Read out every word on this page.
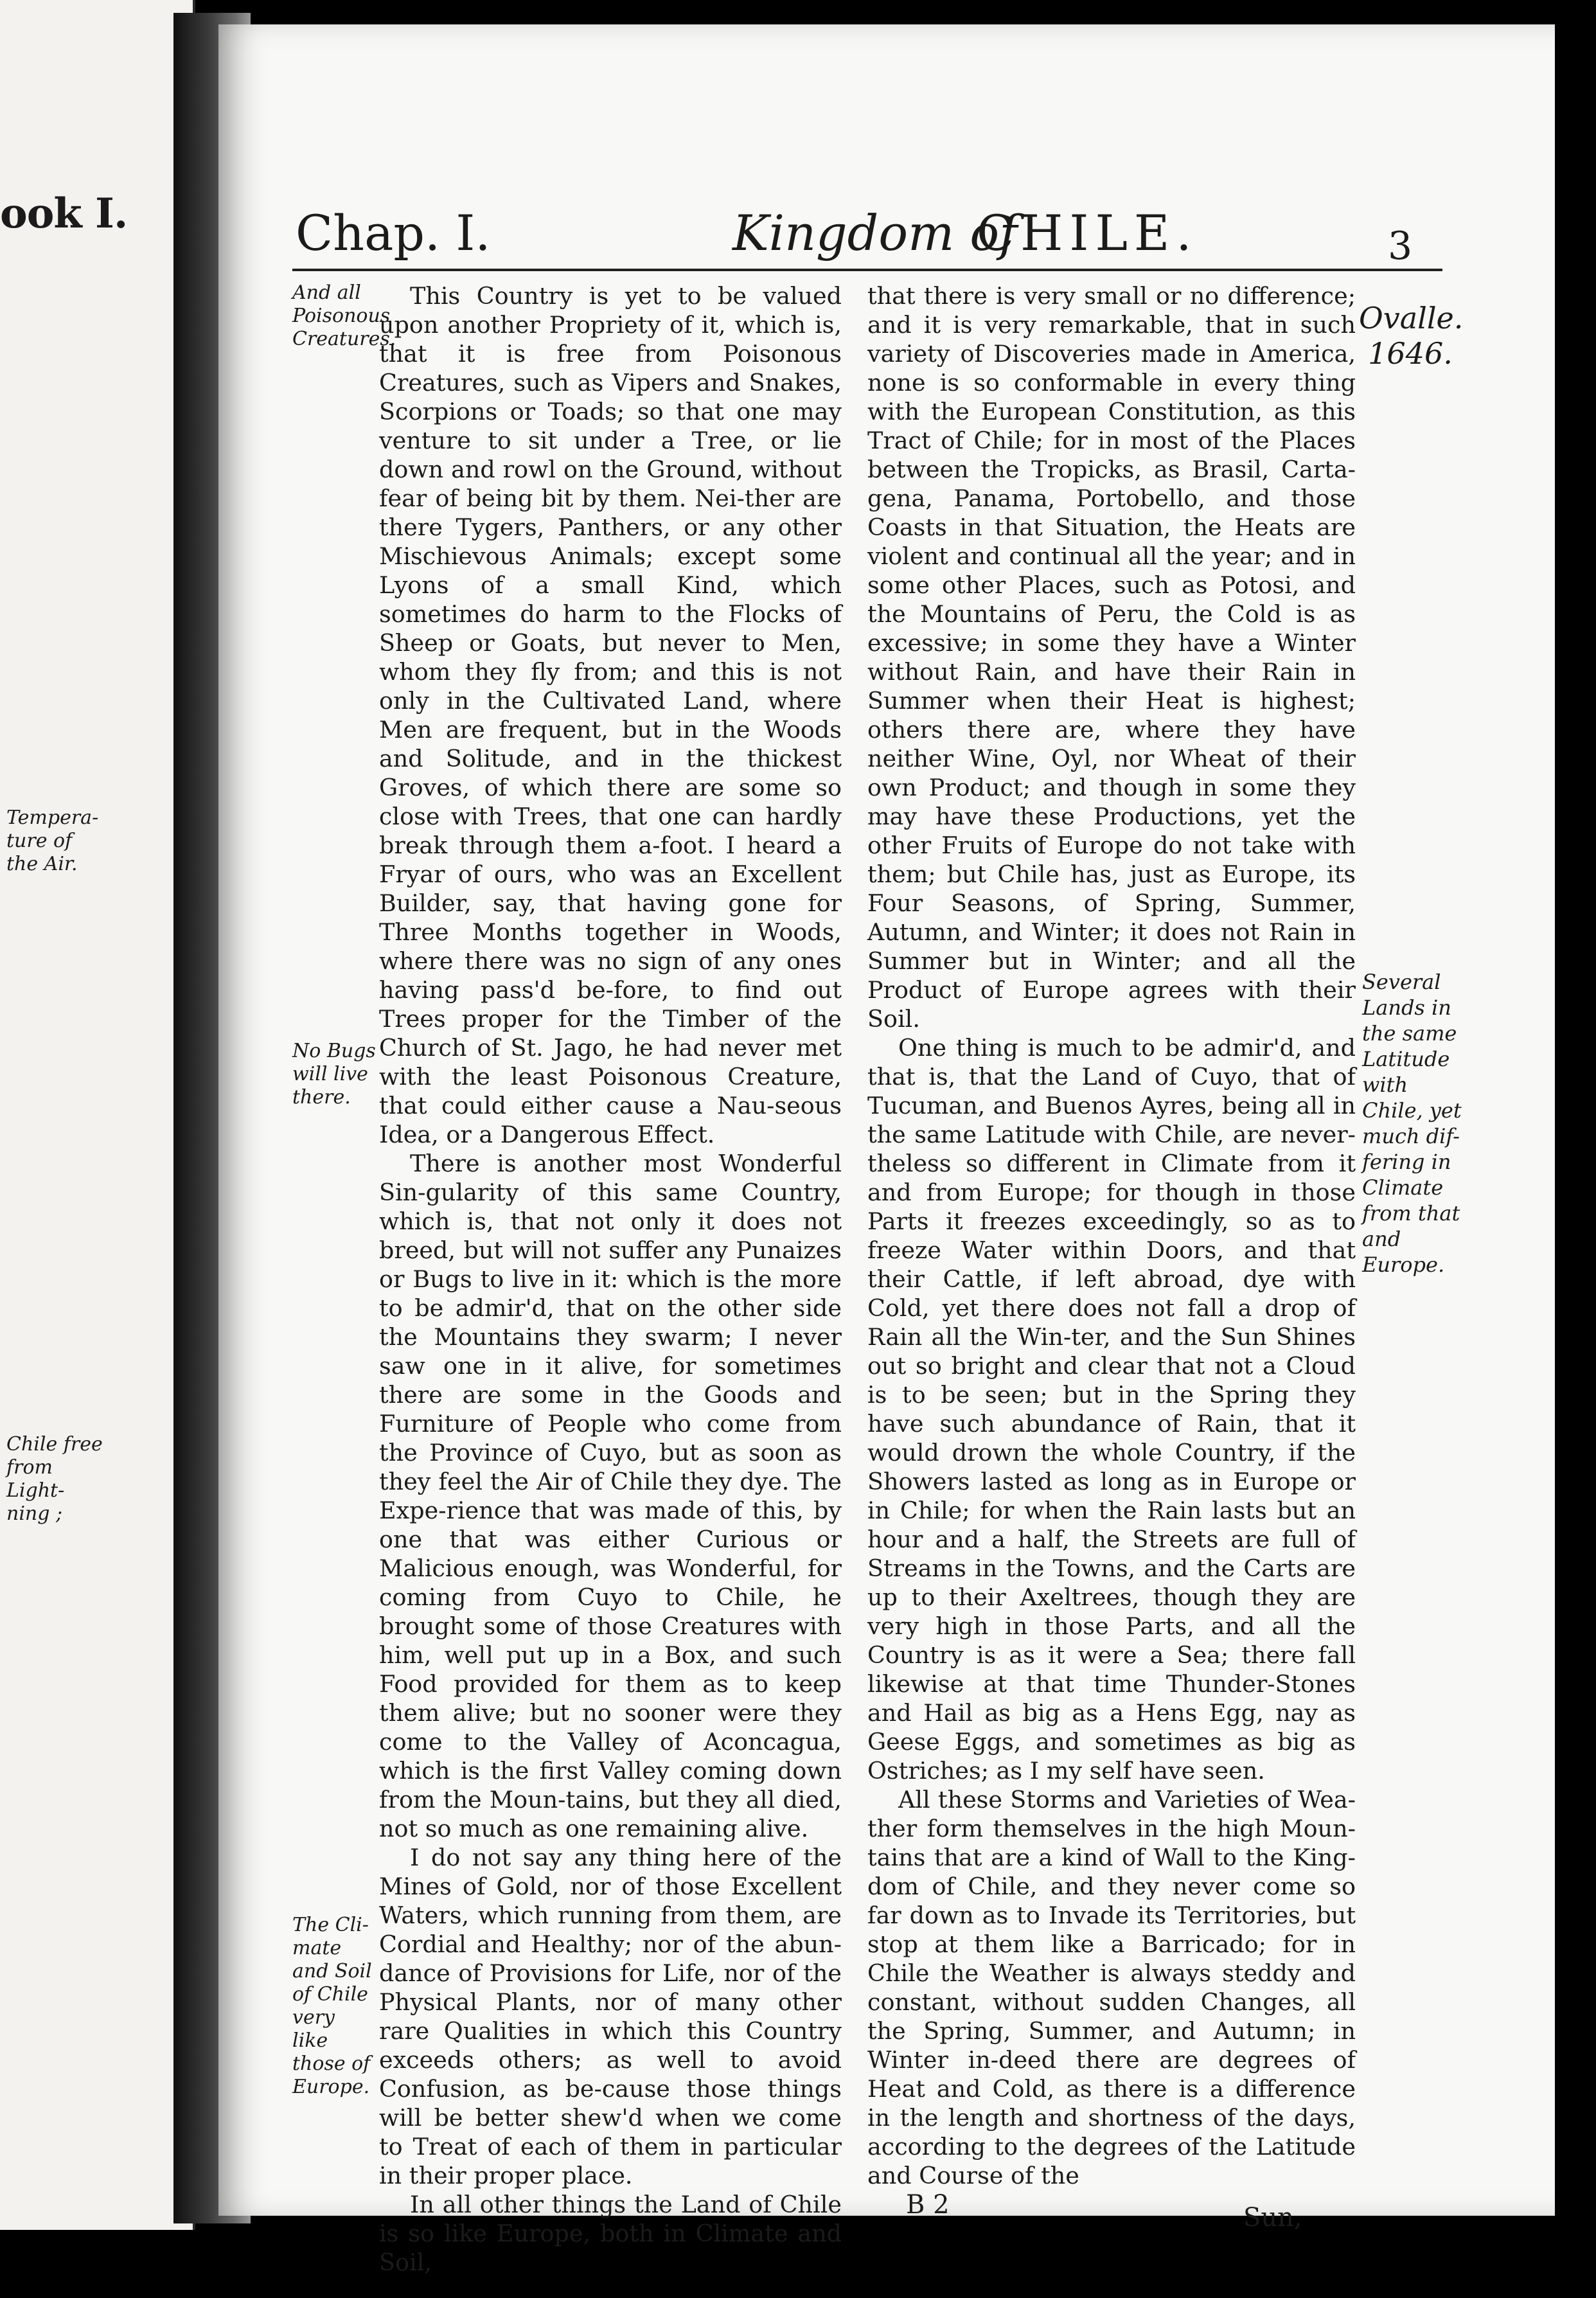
ook I.
Tempera-ture of the Air.
Chile free from Light-ning ;
Chap. I.	Kingdom of
CHILE.	3
And all Poisonous Creatures.
No Bugs will live there.
The Cli-mate and Soil of Chile very like those of Europe.
Ovalle.
1646.
Several Lands in the same Latitude with Chile, yet much dif-fering in Climate from that and Europe.

This Country is yet to be valued upon another Propriety of it, which is, that it is free from Poisonous Creatures, such as Vipers and Snakes, Scorpions or Toads; so that one may venture to sit under a Tree, or lie down and rowl on the Ground, without fear of being bit by them. Nei-ther are there Tygers, Panthers, or any other Mischievous Animals; except some Lyons of a small Kind, which sometimes do harm to the Flocks of Sheep or Goats, but never to Men, whom they fly from; and this is not only in the Cultivated Land, where Men are frequent, but in the Woods and Solitude, and in the thickest Groves, of which there are some so close with Trees, that one can hardly break through them a-foot. I heard a Fryar of ours, who was an Excellent Builder, say, that having gone for Three Months together in Woods, where there was no sign of any ones having pass'd be-fore, to find out Trees proper for the Timber of the Church of St. Jago, he had never met with the least Poisonous Creature, that could either cause a Nau-seous Idea, or a Dangerous Effect.

There is another most Wonderful Sin-gularity of this same Country, which is, that not only it does not breed, but will not suffer any Punaizes or Bugs to live in it: which is the more to be admir'd, that on the other side the Mountains they swarm; I never saw one in it alive, for sometimes there are some in the Goods and Furniture of People who come from the Province of Cuyo, but as soon as they feel the Air of Chile they dye. The Expe-rience that was made of this, by one that was either Curious or Malicious enough, was Wonderful, for coming from Cuyo to Chile, he brought some of those Creatures with him, well put up in a Box, and such Food provided for them as to keep them alive; but no sooner were they come to the Valley of Aconcagua, which is the first Valley coming down from the Moun-tains, but they all died, not so much as one remaining alive.

I do not say any thing here of the Mines of Gold, nor of those Excellent Waters, which running from them, are Cordial and Healthy; nor of the abun-dance of Provisions for Life, nor of the Physical Plants, nor of many other rare Qualities in which this Country exceeds others; as well to avoid Confusion, as be-cause those things will be better shew'd when we come to Treat of each of them in particular in their proper place.

In all other things the Land of Chile is so like Europe, both in Climate and Soil,

that there is very small or no difference; and it is very remarkable, that in such variety of Discoveries made in America, none is so conformable in every thing with the European Constitution, as this Tract of Chile; for in most of the Places between the Tropicks, as Brasil, Carta-gena, Panama, Portobello, and those Coasts in that Situation, the Heats are violent and continual all the year; and in some other Places, such as Potosi, and the Mountains of Peru, the Cold is as excessive; in some they have a Winter without Rain, and have their Rain in Summer when their Heat is highest; others there are, where they have neither Wine, Oyl, nor Wheat of their own Product; and though in some they may have these Productions, yet the other Fruits of Europe do not take with them; but Chile has, just as Europe, its Four Seasons, of Spring, Summer, Autumn, and Winter; it does not Rain in Summer but in Winter; and all the Product of Europe agrees with their Soil.

One thing is much to be admir'd, and that is, that the Land of Cuyo, that of Tucuman, and Buenos Ayres, being all in the same Latitude with Chile, are never-theless so different in Climate from it and from Europe; for though in those Parts it freezes exceedingly, so as to freeze Water within Doors, and that their Cattle, if left abroad, dye with Cold, yet there does not fall a drop of Rain all the Win-ter, and the Sun Shines out so bright and clear that not a Cloud is to be seen; but in the Spring they have such abundance of Rain, that it would drown the whole Country, if the Showers lasted as long as in Europe or in Chile; for when the Rain lasts but an hour and a half, the Streets are full of Streams in the Towns, and the Carts are up to their Axeltrees, though they are very high in those Parts, and all the Country is as it were a Sea; there fall likewise at that time Thunder-Stones and Hail as big as a Hens Egg, nay as Geese Eggs, and sometimes as big as Ostriches; as I my self have seen.

All these Storms and Varieties of Wea-ther form themselves in the high Moun-tains that are a kind of Wall to the King-dom of Chile, and they never come so far down as to Invade its Territories, but stop at them like a Barricado; for in Chile the Weather is always steddy and constant, without sudden Changes, all the Spring, Summer, and Autumn; in Winter in-deed there are degrees of Heat and Cold, as there is a difference in the length and shortness of the days, according to the degrees of the Latitude and Course of the

B 2	Sun,
